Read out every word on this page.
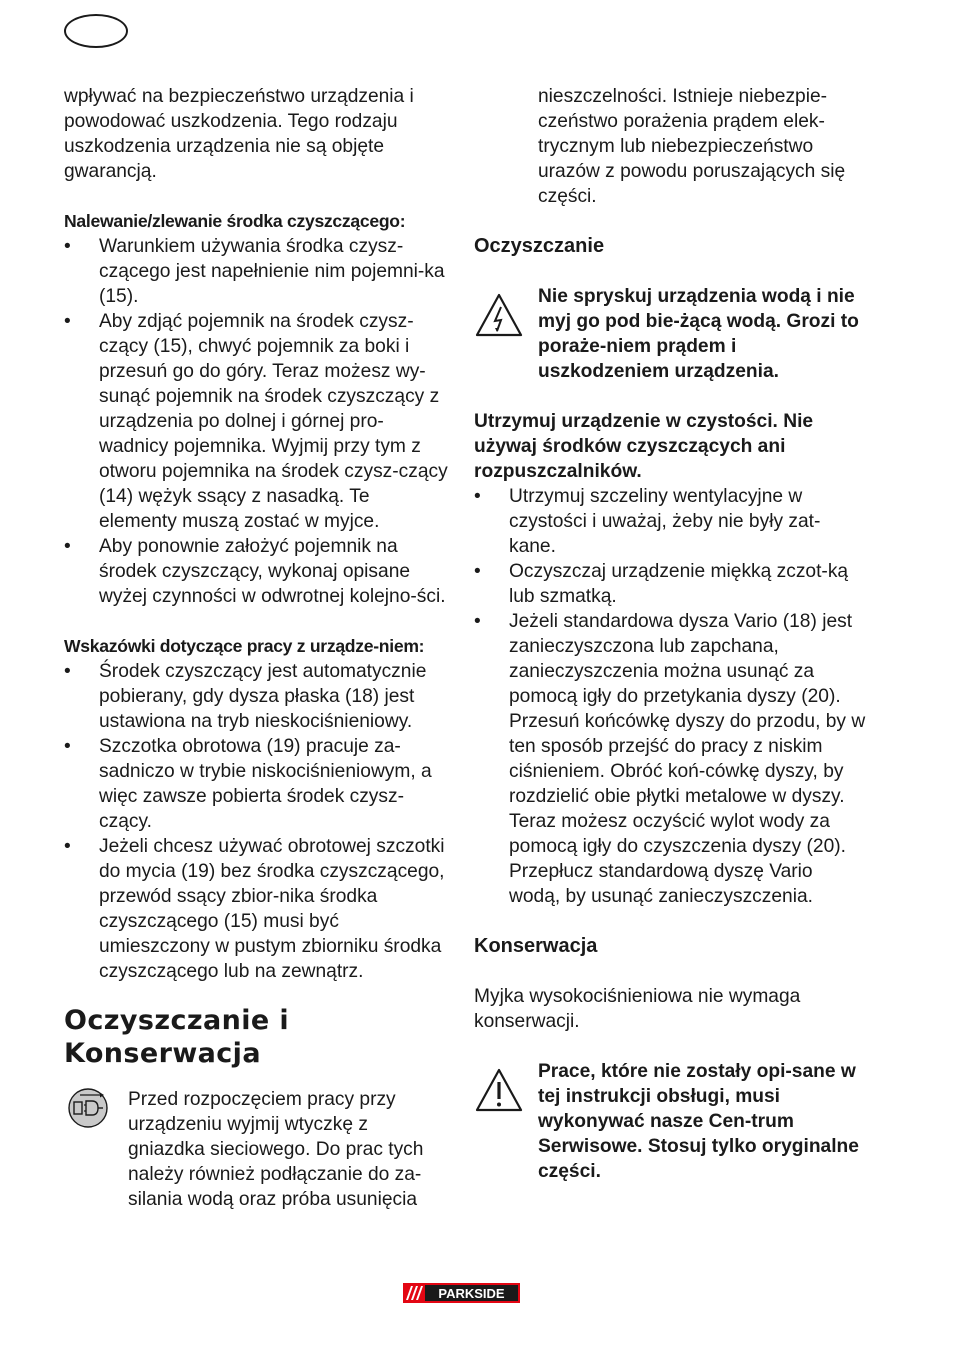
wpływać na bezpieczeństwo urządzenia i powodować uszkodzenia. Tego rodzaju uszkodzenia urządzenia nie są objęte gwarancją.

Nalewanie/zlewanie środka czyszczącego:
• Warunkiem używania środka czysz-czącego jest napełnienie nim pojemni-ka (15).
• Aby zdjąć pojemnik na środek czysz-czący (15), chwyć pojemnik za boki i przesuń go do góry. Teraz możesz wy-sunąć pojemnik na środek czyszczący z urządzenia po dolnej i górnej pro-wadnicy pojemnika. Wyjmij przy tym z otworu pojemnika na środek czysz-czący (14) wężyk ssący z nasadką. Te elementy muszą zostać w myjce.
• Aby ponownie założyć pojemnik na środek czyszczący, wykonaj opisane wyżej czynności w odwrotnej kolejno-ści.
Wskazówki dotyczące pracy z urządze-niem:
• Środek czyszczący jest automatycznie pobierany, gdy dysza płaska (18) jest ustawiona na tryb nieskociśnieniowy.
• Szczotka obrotowa (19) pracuje za-sadniczo w trybie niskociśnieniowym, a więc zawsze pobierta środek czysz-czący.
• Jeżeli chcesz używać obrotowej szczotki do mycia (19) bez środka czyszczącego, przewód ssący zbior-nika środka czyszczącego (15) musi być umieszczony w pustym zbiorniku środka czyszczącego lub na zewnątrz.
Oczyszczanie i
Konserwacja

Przed rozpoczęciem pracy przy urządzeniu wyjmij wtyczkę z gniazdka sieciowego. Do prac tych należy również podłączanie do za-silania wodą oraz próba usunięcia

nieszczelności. Istnieje niebezpie-czeństwo porażenia prądem elek-trycznym lub niebezpieczeństwo urazów z powodu poruszających się części.

Oczyszczanie

Nie spryskuj urządzenia wodą i nie myj go pod bie-żącą wodą. Grozi to poraże-niem prądem i uszkodzeniem urządzenia.

Utrzymuj urządzenie w czystości. Nie używaj środków czyszczących ani rozpuszczalników.

• Utrzymuj szczeliny wentylacyjne w czystości i uważaj, żeby nie były zat-kane.
• Oczyszczaj urządzenie miękką zczot-ką lub szmatką.
• Jeżeli standardowa dysza Vario (18) jest zanieczyszczona lub zapchana, zanieczyszczenia można usunąć za pomocą igły do przetykania dyszy (20). Przesuń końcówkę dyszy do przodu, by w ten sposób przejść do pracy z niskim ciśnieniem. Obróć koń-cówkę dyszy, by rozdzielić obie płytki metalowe w dyszy. Teraz możesz oczyścić wylot wody za pomocą igły do czyszczenia dyszy (20). Przepłucz standardową dyszę Vario wodą, by usunąć zanieczyszczenia.
Konserwacja

Myjka wysokociśnieniowa nie wymaga konserwacji.

Prace, które nie zostały opi-sane w tej instrukcji obsługi, musi wykonywać nasze Cen-trum Serwisowe. Stosuj tylko oryginalne części.

PARKSIDE
